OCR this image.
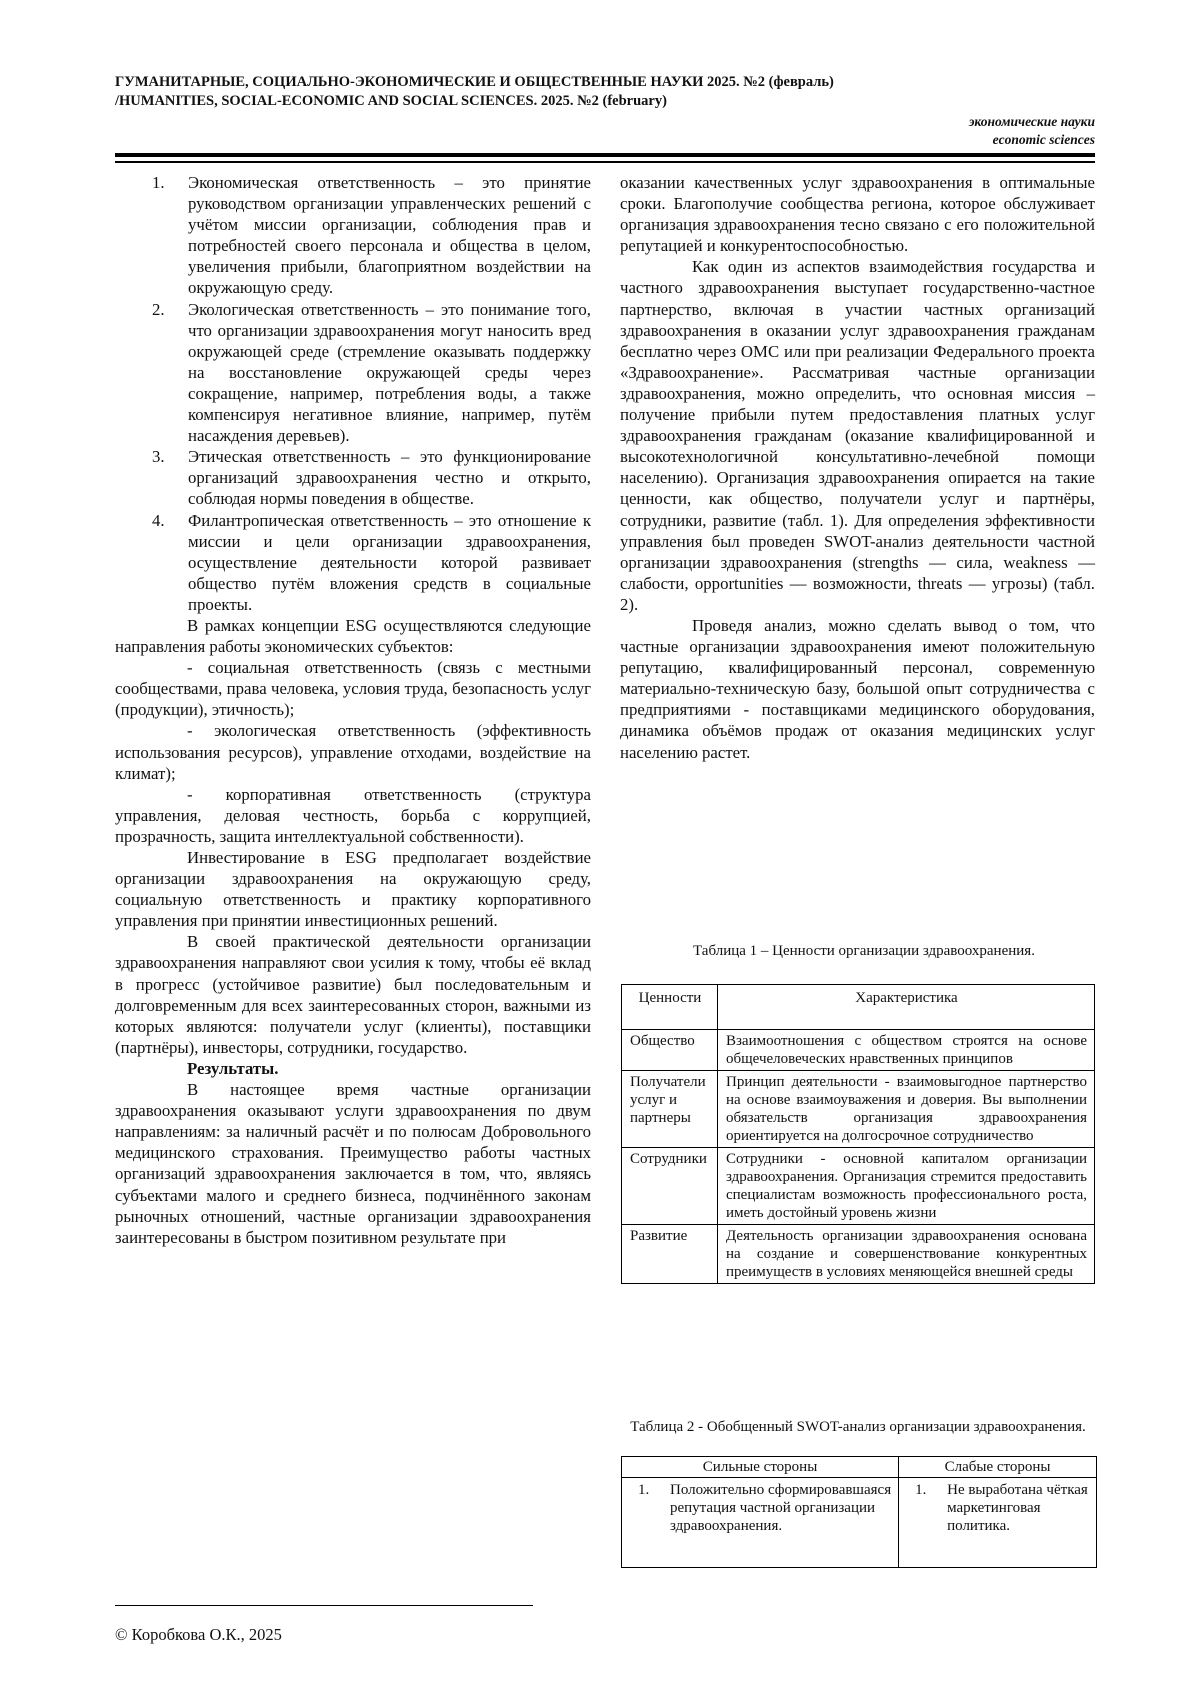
ГУМАНИТАРНЫЕ, СОЦИАЛЬНО-ЭКОНОМИЧЕСКИЕ И ОБЩЕСТВЕННЫЕ НАУКИ 2025. №2 (февраль)
/HUMANITIES, SOCIAL-ECONOMIC AND SOCIAL SCIENCES. 2025. №2 (february)
экономические науки
economic sciences
1. Экономическая ответственность – это принятие руководством организации управленческих решений с учётом миссии организации, соблюдения прав и потребностей своего персонала и общества в целом, увеличения прибыли, благоприятном воздействии на окружающую среду.

2. Экологическая ответственность – это понимание того, что организации здравоохранения могут наносить вред окружающей среде (стремление оказывать поддержку на восстановление окружающей среды через сокращение, например, потребления воды, а также компенсируя негативное влияние, например, путём насаждения деревьев).

3. Этическая ответственность – это функционирование организаций здравоохранения честно и открыто, соблюдая нормы поведения в обществе.

4. Филантропическая ответственность – это отношение к миссии и цели организации здравоохранения, осуществление деятельности которой развивает общество путём вложения средств в социальные проекты.

В рамках концепции ESG осуществляются следующие направления работы экономических субъектов:

- социальная ответственность (связь с местными сообществами, права человека, условия труда, безопасность услуг (продукции), этичность);

- экологическая ответственность (эффективность использования ресурсов), управление отходами, воздействие на климат);

- корпоративная ответственность (структура управления, деловая честность, борьба с коррупцией, прозрачность, защита интеллектуальной собственности).

Инвестирование в ESG предполагает воздействие организации здравоохранения на окружающую среду, социальную ответственность и практику корпоративного управления при принятии инвестиционных решений.

В своей практической деятельности организации здравоохранения направляют свои усилия к тому, чтобы её вклад в прогресс (устойчивое развитие) был последовательным и долговременным для всех заинтересованных сторон, важными из которых являются: получатели услуг (клиенты), поставщики (партнёры), инвесторы, сотрудники, государство.

Результаты.

В настоящее время частные организации здравоохранения оказывают услуги здравоохранения по двум направлениям: за наличный расчёт и по полюсам Добровольного медицинского страхования. Преимущество работы частных организаций здравоохранения заключается в том, что, являясь субъектами малого и среднего бизнеса, подчинённого законам рыночных отношений, частные организации здравоохранения заинтересованы в быстром позитивном результате при

оказании качественных услуг здравоохранения в оптимальные сроки. Благополучие сообщества региона, которое обслуживает организация здравоохранения тесно связано с его положительной репутацией и конкурентоспособностью.

Как один из аспектов взаимодействия государства и частного здравоохранения выступает государственно-частное партнерство, включая в участии частных организаций здравоохранения в оказании услуг здравоохранения гражданам бесплатно через ОМС или при реализации Федерального проекта «Здравоохранение». Рассматривая частные организации здравоохранения, можно определить, что основная миссия – получение прибыли путем предоставления платных услуг здравоохранения гражданам (оказание квалифицированной и высокотехнологичной консультативно-лечебной помощи населению). Организация здравоохранения опирается на такие ценности, как общество, получатели услуг и партнёры, сотрудники, развитие (табл. 1). Для определения эффективности управления был проведен SWOT-анализ деятельности частной организации здравоохранения (strengths — сила, weakness — слабости, opportunities — возможности, threats — угрозы) (табл. 2).

Проведя анализ, можно сделать вывод о том, что частные организации здравоохранения имеют положительную репутацию, квалифицированный персонал, современную материально-техническую базу, большой опыт сотрудничества с предприятиями - поставщиками медицинского оборудования, динамика объёмов продаж от оказания медицинских услуг населению растет.

Таблица 1 – Ценности организации здравоохранения.
Ценности	Характеристика
Общество	Взаимоотношения с обществом строятся на основе общечеловеческих нравственных принципов
Получатели услуг и партнеры	Принцип деятельности - взаимовыгодное партнерство на основе взаимоуважения и доверия. Вы выполнении обязательств организация здравоохранения ориентируется на долгосрочное сотрудничество
Сотрудники	Сотрудники - основной капиталом организации здравоохранения. Организация стремится предоставить специалистам возможность профессионального роста, иметь достойный уровень жизни
Развитие	Деятельность организации здравоохранения основана на создание и совершенствование конкурентных преимуществ в условиях меняющейся внешней среды
Таблица 2 - Обобщенный SWOT-анализ организации здравоохранения.
Сильные стороны	Слабые стороны

1. Положительно сформировавшаяся репутация частной организации здравоохранения.	1. Не выработана чёткая маркетинговая политика.
© Коробкова О.К., 2025
